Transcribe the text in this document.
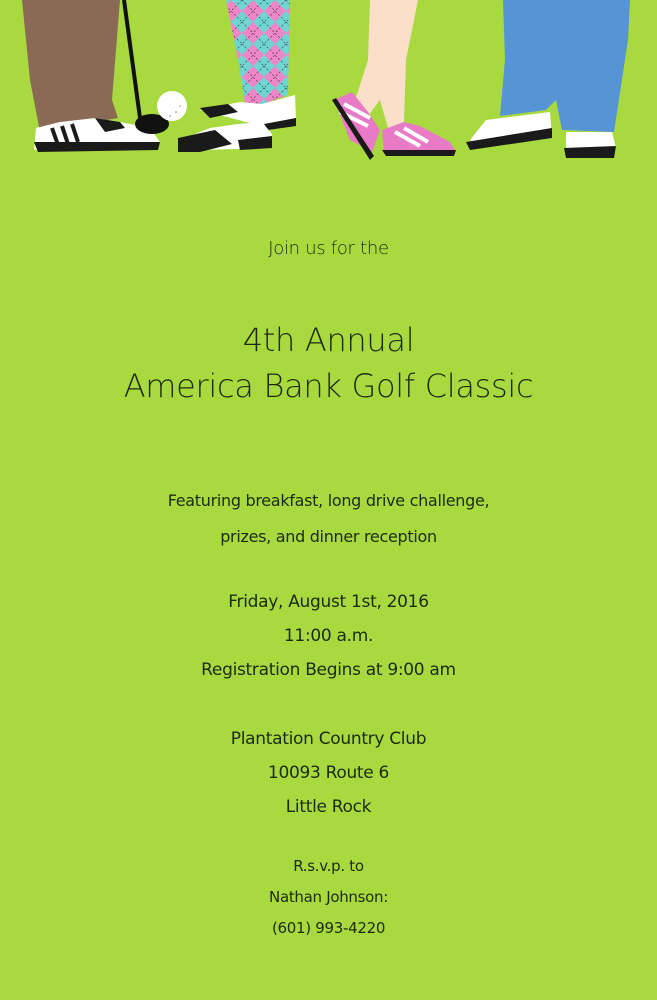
Join us for the
4th Annual
America Bank Golf Classic
Featuring breakfast, long drive challenge,
prizes, and dinner reception
Friday, August 1st, 2016
11:00 a.m.
Registration Begins at 9:00 am
Plantation Country Club
10093 Route 6
Little Rock
R.s.v.p. to
Nathan Johnson:
(601) 993-4220
